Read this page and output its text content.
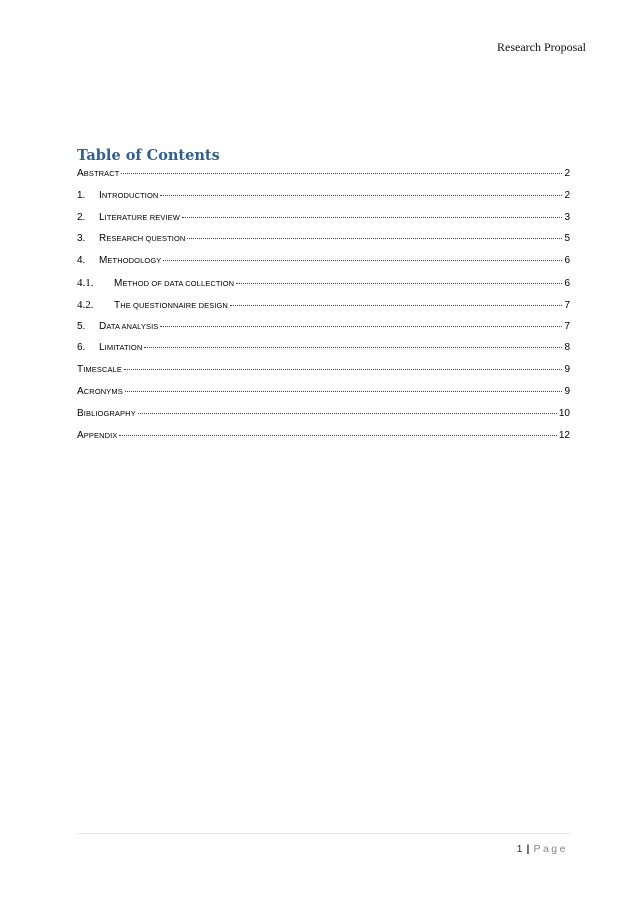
Research Proposal
Table of Contents
ABSTRACT	2
1.	INTRODUCTION	2
2.	LITERATURE REVIEW	3
3.	RESEARCH QUESTION	5
4.	METHODOLOGY	6
4.1.	METHOD OF DATA COLLECTION	6
4.2.	THE QUESTIONNAIRE DESIGN	7
5.	DATA ANALYSIS	7
6.	LIMITATION	8
TIMESCALE	9
ACRONYMS	9
BIBLIOGRAPHY	10
APPENDIX	12
1 | Page
